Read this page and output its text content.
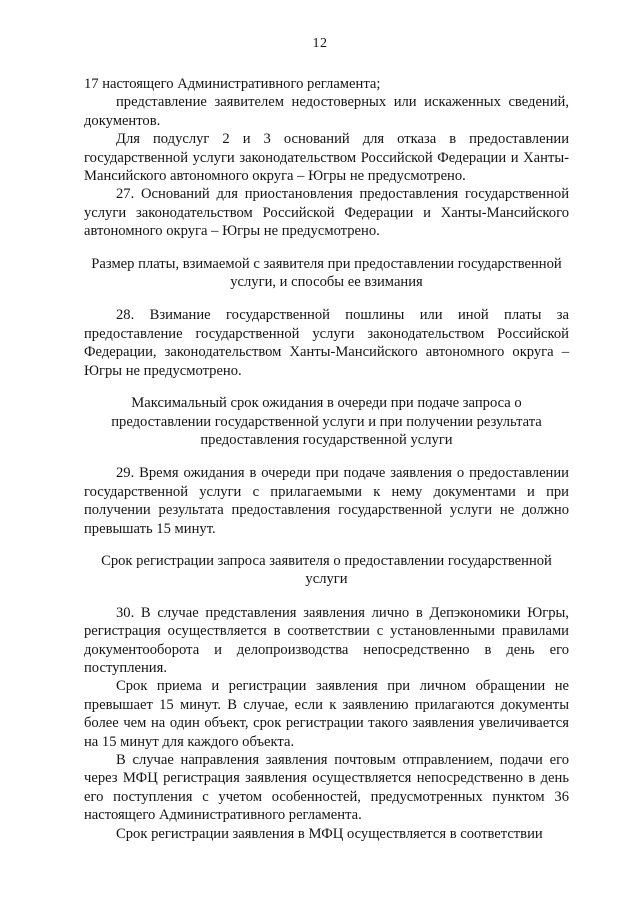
12

17 настоящего Административного регламента;

представление заявителем недостоверных или искаженных сведений, документов.

Для подуслуг 2 и 3 оснований для отказа в предоставлении государственной услуги законодательством Российской Федерации и Ханты-Мансийского автономного округа – Югры не предусмотрено.

27. Оснований для приостановления предоставления государственной услуги законодательством Российской Федерации и Ханты-Мансийского автономного округа – Югры не предусмотрено.

Размер платы, взимаемой с заявителя при предоставлении государственной услуги, и способы ее взимания

28. Взимание государственной пошлины или иной платы за предоставление государственной услуги законодательством Российской Федерации, законодательством Ханты-Мансийского автономного округа – Югры не предусмотрено.

Максимальный срок ожидания в очереди при подаче запроса о предоставлении государственной услуги и при получении результата предоставления государственной услуги

29. Время ожидания в очереди при подаче заявления о предоставлении государственной услуги с прилагаемыми к нему документами и при получении результата предоставления государственной услуги не должно превышать 15 минут.

Срок регистрации запроса заявителя о предоставлении государственной услуги

30. В случае представления заявления лично в Депэкономики Югры, регистрация осуществляется в соответствии с установленными правилами документооборота и делопроизводства непосредственно в день его поступления.

Срок приема и регистрации заявления при личном обращении не превышает 15 минут. В случае, если к заявлению прилагаются документы более чем на один объект, срок регистрации такого заявления увеличивается на 15 минут для каждого объекта.

В случае направления заявления почтовым отправлением, подачи его через МФЦ регистрация заявления осуществляется непосредственно в день его поступления с учетом особенностей, предусмотренных пунктом 36 настоящего Административного регламента.

Срок регистрации заявления в МФЦ осуществляется в соответствии
